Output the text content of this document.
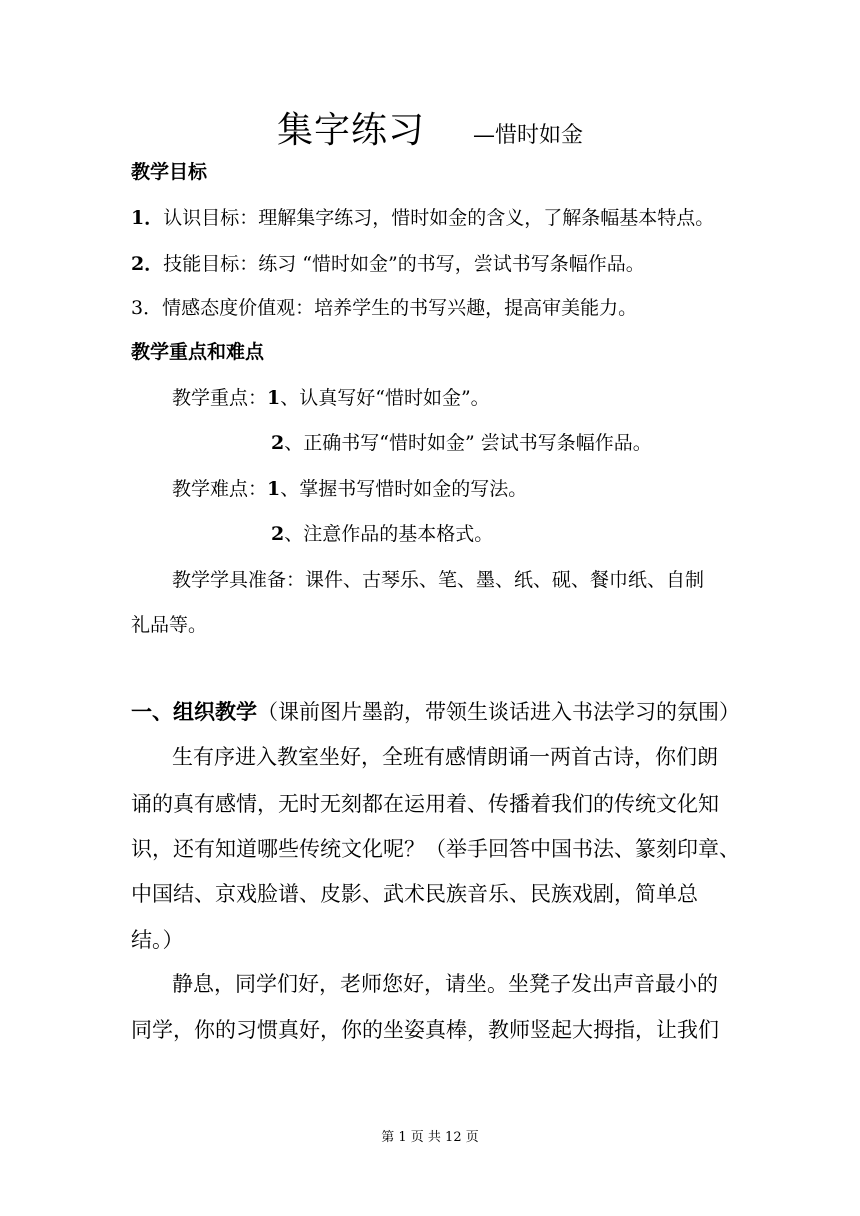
集字练习 —惜时如金
教学目标
1．认识目标：理解集字练习，惜时如金的含义，了解条幅基本特点。
2．技能目标：练习 “惜时如金”的书写，尝试书写条幅作品。
3．情感态度价值观：培养学生的书写兴趣，提高审美能力。
教学重点和难点
教学重点：1、认真写好“惜时如金”。
2、正确书写“惜时如金” 尝试书写条幅作品。
教学难点：1、掌握书写惜时如金的写法。
2、注意作品的基本格式。
教学学具准备：课件、古琴乐、笔、墨、纸、砚、餐巾纸、自制
礼品等。
一、组织教学（课前图片墨韵，带领生谈话进入书法学习的氛围）
生有序进入教室坐好，全班有感情朗诵一两首古诗，你们朗
诵的真有感情，无时无刻都在运用着、传播着我们的传统文化知
识，还有知道哪些传统文化呢？（举手回答中国书法、篆刻印章、
中国结、京戏脸谱、皮影、武术民族音乐、民族戏剧，简单总
结。）
静息，同学们好，老师您好，请坐。坐凳子发出声音最小的
同学，你的习惯真好，你的坐姿真棒，教师竖起大拇指，让我们
第 1 页 共 12 页
